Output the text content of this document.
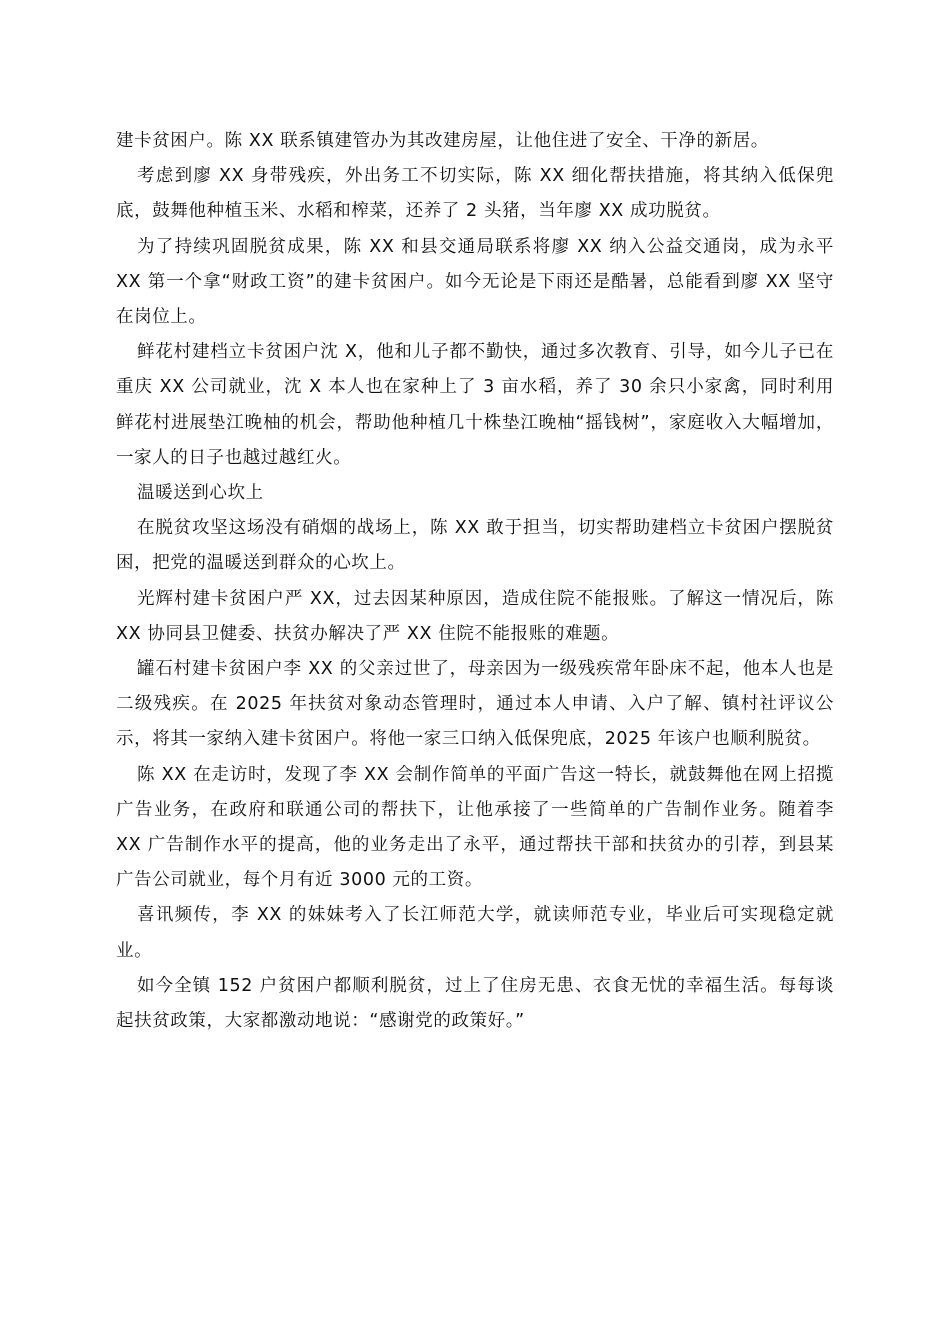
建卡贫困户。陈 XX 联系镇建管办为其改建房屋，让他住进了安全、干净的新居。

考虑到廖 XX 身带残疾，外出务工不切实际，陈 XX 细化帮扶措施，将其纳入低保兜底，鼓舞他种植玉米、水稻和榨菜，还养了 2 头猪，当年廖 XX 成功脱贫。

为了持续巩固脱贫成果，陈 XX 和县交通局联系将廖 XX 纳入公益交通岗，成为永平 XX 第一个拿“财政工资”的建卡贫困户。如今无论是下雨还是酷暑，总能看到廖 XX 坚守在岗位上。

鲜花村建档立卡贫困户沈 X，他和儿子都不勤快，通过多次教育、引导，如今儿子已在重庆 XX 公司就业，沈 X 本人也在家种上了 3 亩水稻，养了 30 余只小家禽，同时利用鲜花村进展垫江晚柚的机会，帮助他种植几十株垫江晚柚“摇钱树”，家庭收入大幅增加，一家人的日子也越过越红火。

温暖送到心坎上

在脱贫攻坚这场没有硝烟的战场上，陈 XX 敢于担当，切实帮助建档立卡贫困户摆脱贫困，把党的温暖送到群众的心坎上。

光辉村建卡贫困户严 XX，过去因某种原因，造成住院不能报账。了解这一情况后，陈 XX 协同县卫健委、扶贫办解决了严 XX 住院不能报账的难题。

罐石村建卡贫困户李 XX 的父亲过世了，母亲因为一级残疾常年卧床不起，他本人也是二级残疾。在 2025 年扶贫对象动态管理时，通过本人申请、入户了解、镇村社评议公示，将其一家纳入建卡贫困户。将他一家三口纳入低保兜底，2025 年该户也顺利脱贫。

陈 XX 在走访时，发现了李 XX 会制作简单的平面广告这一特长，就鼓舞他在网上招揽广告业务，在政府和联通公司的帮扶下，让他承接了一些简单的广告制作业务。随着李 XX 广告制作水平的提高，他的业务走出了永平，通过帮扶干部和扶贫办的引荐，到县某广告公司就业，每个月有近 3000 元的工资。

喜讯频传，李 XX 的妹妹考入了长江师范大学，就读师范专业，毕业后可实现稳定就业。

如今全镇 152 户贫困户都顺利脱贫，过上了住房无患、衣食无忧的幸福生活。每每谈起扶贫政策，大家都激动地说：“感谢党的政策好。”
